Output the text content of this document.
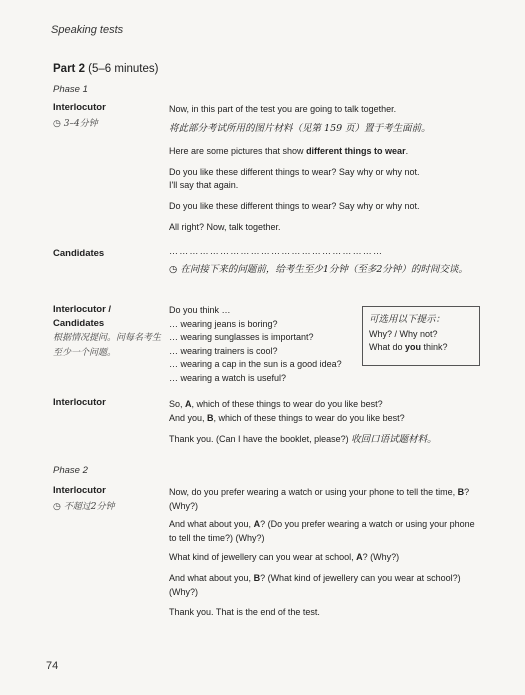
Speaking tests
Part 2 (5–6 minutes)
Phase 1
Interlocutor
◷ 3–4分钟
Now, in this part of the test you are going to talk together.
将此部分考试所用的图片材料（见第 159 页）置于考生面前。
Here are some pictures that show different things to wear.
Do you like these different things to wear? Say why or why not.
I'll say that again.
Do you like these different things to wear? Say why or why not.
All right? Now, talk together.
Candidates	………………………………………………………
◷ 在问接下来的问题前，给考生至少1分钟（至多2分钟）的时间交谈。
Interlocutor /
Candidates
根据情况提问。问每名考生至少一个问题。
Do you think …
… wearing jeans is boring?
… wearing sunglasses is important?
… wearing trainers is cool?
… wearing a cap in the sun is a good idea?
… wearing a watch is useful?
可选用以下提示：
Why? / Why not?
What do you think?
Interlocutor	So, A, which of these things to wear do you like best?
And you, B, which of these things to wear do you like best?
Thank you. (Can I have the booklet, please?) 收回口语试题材料。
Phase 2
Interlocutor
◷ 不超过2分钟
Now, do you prefer wearing a watch or using your phone to tell the time, B? (Why?)
And what about you, A? (Do you prefer wearing a watch or using your phone to tell the time?) (Why?)
What kind of jewellery can you wear at school, A? (Why?)
And what about you, B? (What kind of jewellery can you wear at school?) (Why?)
Thank you. That is the end of the test.
74
